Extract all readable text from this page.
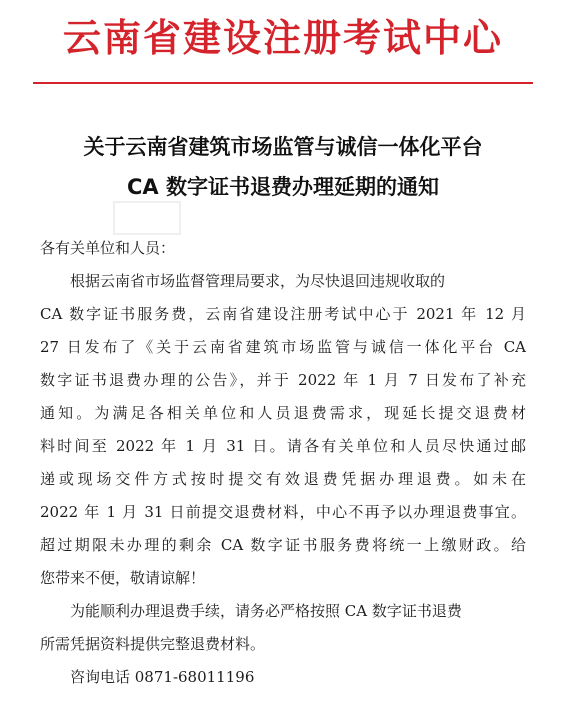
云南省建设注册考试中心
关于云南省建筑市场监管与诚信一体化平台
CA 数字证书退费办理延期的通知
各有关单位和人员：
根据云南省市场监督管理局要求，为尽快退回违规收取的
CA 数字证书服务费，云南省建设注册考试中心于 2021 年 12 月
27 日发布了《关于云南省建筑市场监管与诚信一体化平台 CA
数字证书退费办理的公告》，并于 2022 年 1 月 7 日发布了补充
通知。为满足各相关单位和人员退费需求，现延长提交退费材
料时间至 2022 年 1 月 31 日。请各有关单位和人员尽快通过邮
递或现场交件方式按时提交有效退费凭据办理退费。如未在
2022 年 1 月 31 日前提交退费材料，中心不再予以办理退费事宜。
超过期限未办理的剩余 CA 数字证书服务费将统一上缴财政。给
您带来不便，敬请谅解！
为能顺利办理退费手续，请务必严格按照 CA 数字证书退费
所需凭据资料提供完整退费材料。
咨询电话 0871-68011196
